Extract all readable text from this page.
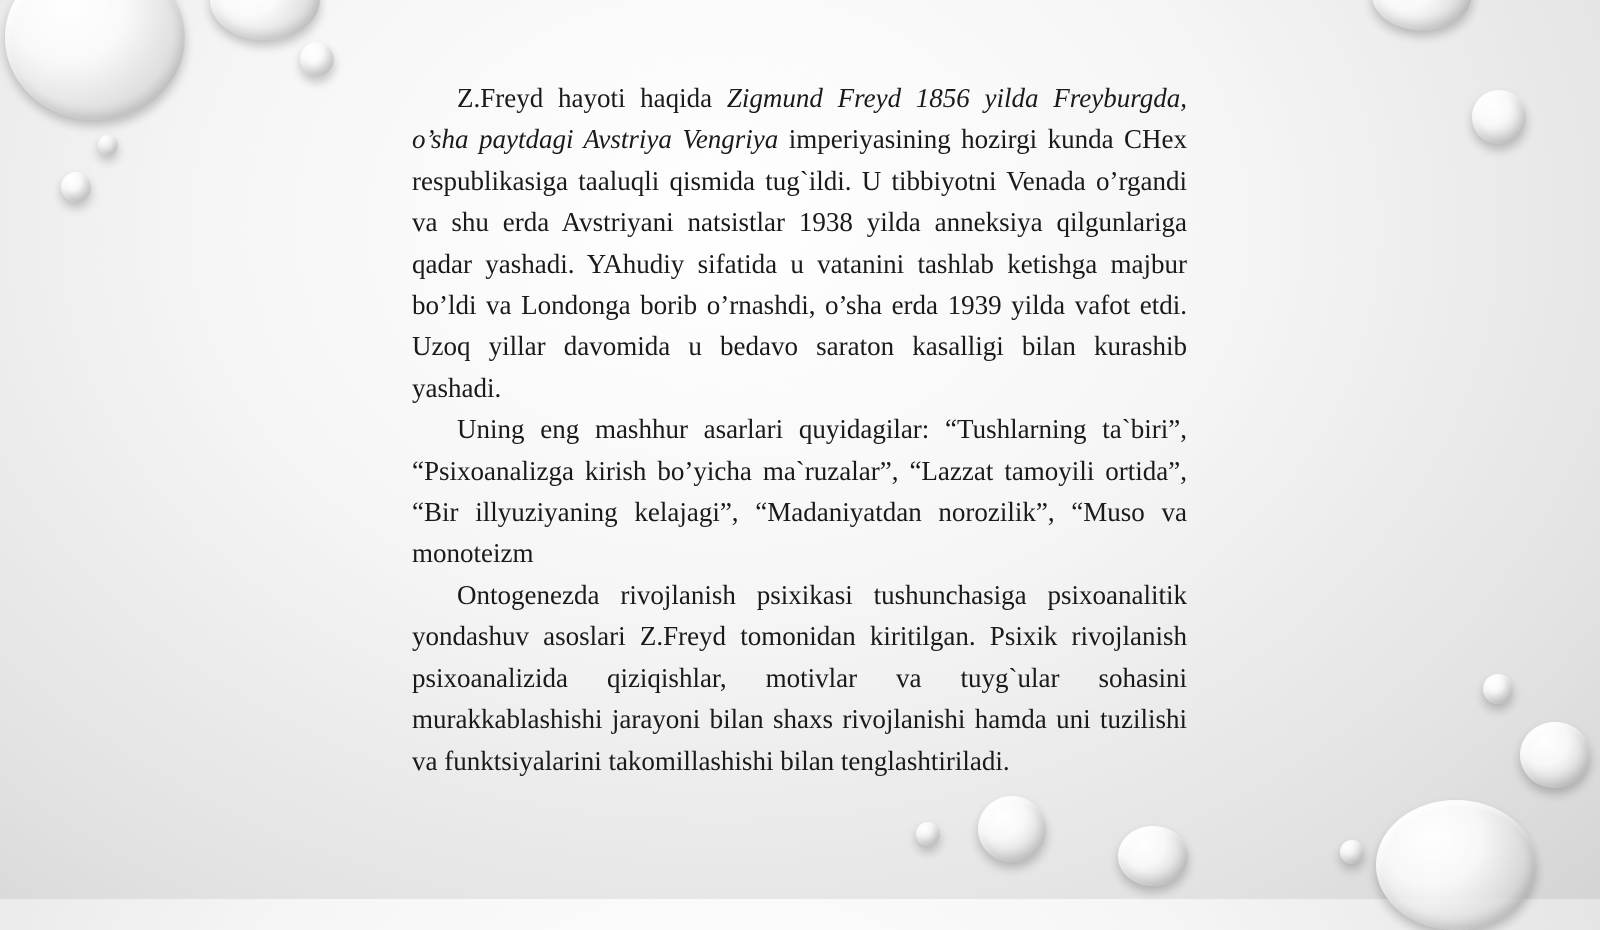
Z.Freyd hayoti haqida Zigmund Freyd 1856 yilda Freyburgda, o’sha paytdagi Avstriya Vengriya imperiyasining hozirgi kunda CHex respublikasiga taaluqli qismida tug`ildi. U tibbiyotni Venada o’rgandi va shu erda Avstriyani natsistlar 1938 yilda anneksiya qilgunlariga qadar yashadi. YAhudiy sifatida u vatanini tashlab ketishga majbur bo’ldi va Londonga borib o’rnashdi, o’sha erda 1939 yilda vafot etdi. Uzoq yillar davomida u bedavo saraton kasalligi bilan kurashib yashadi.

Uning eng mashhur asarlari quyidagilar: “Tushlarning ta`biri”, “Psixoanalizga kirish bo’yicha ma`ruzalar”, “Lazzat tamoyili ortida”, “Bir illyuziyaning kelajagi”, “Madaniyatdan norozilik”, “Muso va monoteizm

Ontogenezda rivojlanish psixikasi tushunchasiga psixoanalitik yondashuv asoslari Z.Freyd tomonidan kiritilgan. Psixik rivojlanish psixoanalizida qiziqishlar, motivlar va tuyg`ular sohasini murakkablashishi jarayoni bilan shaxs rivojlanishi hamda uni tuzilishi va funktsiyalarini takomillashishi bilan tenglashtiriladi.
